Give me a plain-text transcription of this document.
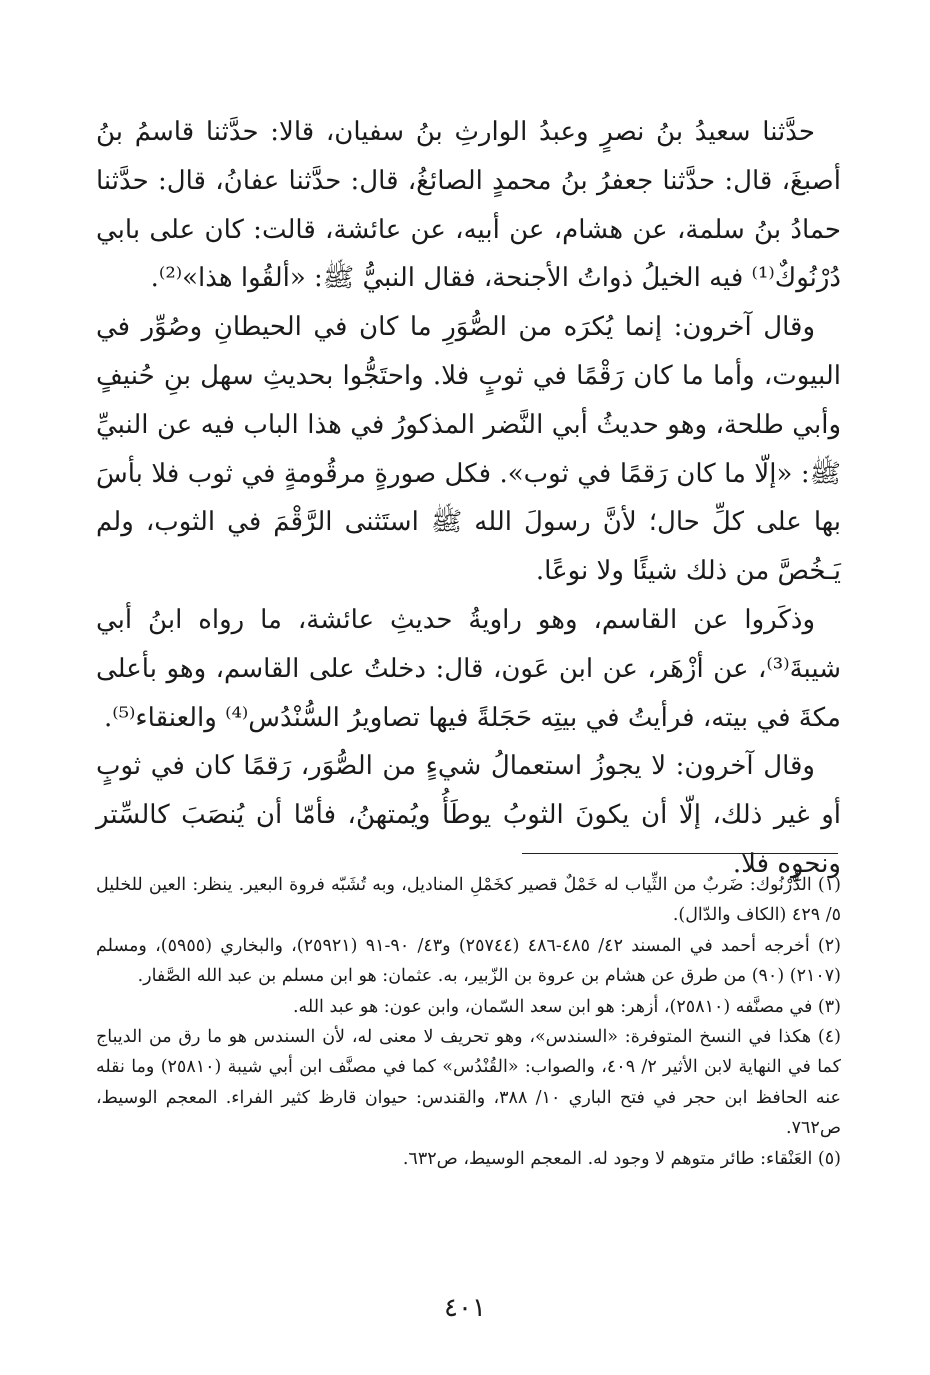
حدَّثنا سعيدُ بنُ نصرٍ وعبدُ الوارثِ بنُ سفيان، قالا: حدَّثنا قاسمُ بنُ أصبغَ، قال: حدَّثنا جعفرُ بنُ محمدٍ الصائغُ، قال: حدَّثنا عفانُ، قال: حدَّثنا حمادُ بنُ سلمة، عن هشام، عن أبيه، عن عائشة، قالت: كان على بابي دُرْنُوكٌ⁽¹⁾ فيه الخيلُ ذواتُ الأجنحة، فقال النبيُّ ﷺ: «ألقُوا هذا»⁽²⁾.

وقال آخرون: إنما يُكرَه من الصُّوَرِ ما كان في الحيطانِ وصُوِّر في البيوت، وأما ما كان رَقْمًا في ثوبٍ فلا. واحتَجُّوا بحديثِ سهل بنِ حُنيفٍ وأبي طلحة، وهو حديثُ أبي النَّضر المذكورُ في هذا الباب فيه عن النبيِّ ﷺ: «إلّا ما كان رَقمًا في ثوب». فكل صورةٍ مرقُومةٍ في ثوب فلا بأسَ بها على كلِّ حال؛ لأنَّ رسولَ الله ﷺ استَثنى الرَّقْمَ في الثوب، ولم يَـخُصَّ من ذلك شيئًا ولا نوعًا.

وذكَروا عن القاسم، وهو راويةُ حديثِ عائشة، ما رواه ابنُ أبي شيبةَ⁽³⁾، عن أزْهَر، عن ابن عَون، قال: دخلتُ على القاسم، وهو بأعلى مكةَ في بيته، فرأيتُ في بيتِه حَجَلةً فيها تصاويرُ السُّنْدُس⁽⁴⁾ والعنقاء⁽⁵⁾.

وقال آخرون: لا يجوزُ استعمالُ شيءٍ من الصُّوَر، رَقمًا كان في ثوبٍ أو غير ذلك، إلّا أن يكونَ الثوبُ يوطَأُ ويُمتهنُ، فأمّا أن يُنصَبَ كالسِّتر ونحوِه فلا.

(١) الدُّرْنُوك: ضَربٌ من الثِّياب له خَمْلٌ قصير كخَمْلِ المناديل، وبه تُشَبّه فروة البعير. ينظر: العين للخليل ٥/ ٤٢٩ (الكاف والدّال).

(٢) أخرجه أحمد في المسند ٤٢/ ٤٨٥-٤٨٦ (٢٥٧٤٤) و٤٣/ ٩٠-٩١ (٢٥٩٢١)، والبخاري (٥٩٥٥)، ومسلم (٢١٠٧) (٩٠) من طرق عن هشام بن عروة بن الزّبير، به. عثمان: هو ابن مسلم بن عبد الله الصَّفار.

(٣) في مصنَّفه (٢٥٨١٠)، أزهر: هو ابن سعد السّمان، وابن عون: هو عبد الله.

(٤) هكذا في النسخ المتوفرة: «السندس»، وهو تحريف لا معنى له، لأن السندس هو ما رق من الديباج كما في النهاية لابن الأثير ٢/ ٤٠٩، والصواب: «القُنْدُس» كما في مصنَّف ابن أبي شيبة (٢٥٨١٠) وما نقله عنه الحافظ ابن حجر في فتح الباري ١٠/ ٣٨٨، والقندس: حيوان قارظ كثير الفراء. المعجم الوسيط، ص٧٦٢.

(٥) العَنْقاء: طائر متوهم لا وجود له. المعجم الوسيط، ص٦٣٢.

٤٠١
